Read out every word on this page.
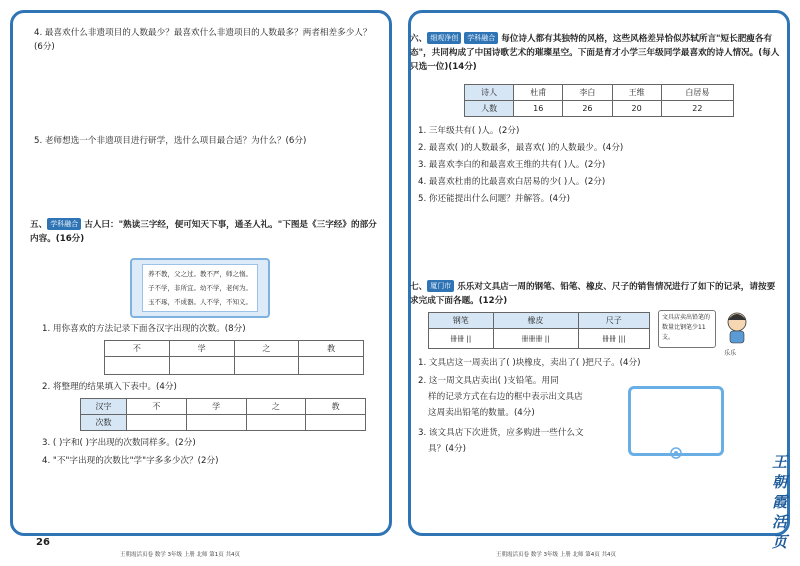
4. 最喜欢什么非遗项目的人数最少？最喜欢什么非遗项目的人数最多？两者相差多少人？(6分)
5. 老师想选一个非遗项目进行研学，选什么项目最合适？为什么？(6分)
五、 学科融合 古人曰："熟读三字经，便可知天下事，通圣人礼。"下图是《三字经》的部分内容。(16分)
养不教，父之过。教不严，师之惰。
子不学，非所宜。幼不学，老何为。
玉不琢，不成器。人不学，不知义。
1. 用你喜欢的方法记录下面各汉字出现的次数。(8分)
不	学	之	教

2. 将整理的结果填入下表中。(4分)
汉字	不	学	之	教
次数				
3. ( )字和( )字出现的次数同样多。(2分)
4. "不"字出现的次数比"学"字多多少次？(2分)
26
王朝霞活页卷 数学 3年级 上册 北师 第1页 共4页
六、 细观净创 学科融合 每位诗人都有其独特的风格，这些风格差异恰似苏轼所言"短长肥瘦各有态"，共同构成了中国诗歌艺术的璀璨星空。下面是育才小学三年级同学最喜欢的诗人情况。(每人只选一位)(14分)
诗人	杜甫	李白	王维	白居易
人数	16	26	20	22
1. 三年级共有( )人。(2分)
2. 最喜欢( )的人数最多，最喜欢( )的人数最少。(4分)
3. 最喜欢李白的和最喜欢王维的共有( )人。(2分)
4. 最喜欢杜甫的比最喜欢白居易的少( )人。(2分)
5. 你还能提出什么问题？并解答。(4分)
七、 厦门市 乐乐对文具店一周的钢笔、铅笔、橡皮、尺子的销售情况进行了如下的记录，请按要求完成下面各题。(12分)
钢笔	橡皮	尺子
卌卌 ||	卌卌卌 ||	卌卌 |||
1. 文具店这一周卖出了( )块橡皮，卖出了( )把尺子。(4分)
2. 这一周文具店卖出( )支铅笔。用同
样的记录方式在右边的框中表示出文具店
这周卖出铅笔的数量。(4分)
3. 该文具店下次进货，应多购进一些什么文
具？(4分)
王朝霞活页卷 数学 3年级 上册 北师 第4页 共4页
王朝霞活页
文具店卖出铅笔的数量比钢笔少11支。
乐乐
